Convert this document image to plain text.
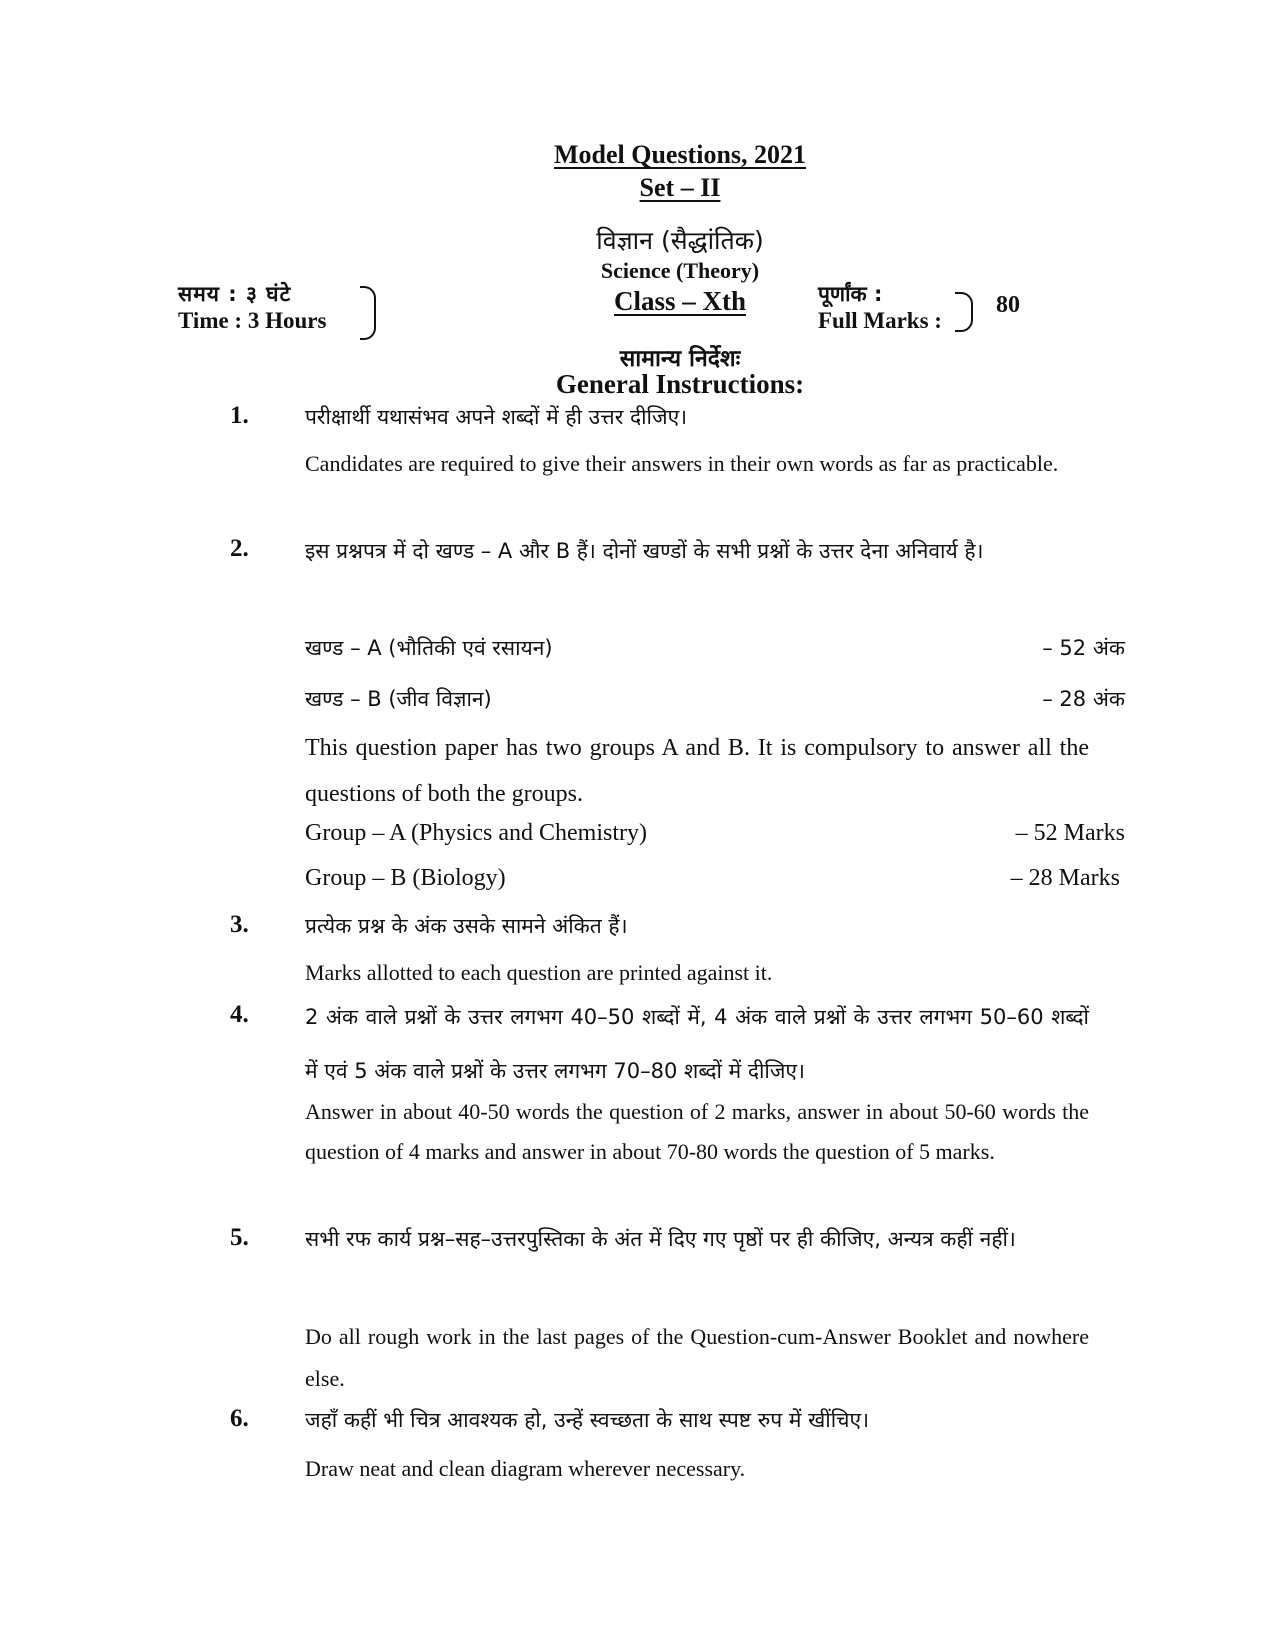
Model Questions, 2021
Set – II
विज्ञान (सैद्धांतिक)
Science (Theory)
Class – Xth
समय : ३ घंटे
Time : 3 Hours
पूर्णांक :
Full Marks :
80
सामान्य निर्देशः
General Instructions:
1.	परीक्षार्थी यथासंभव अपने शब्दों में ही उत्तर दीजिए।
Candidates are required to give their answers in their own words as far as practicable.
2.	इस प्रश्नपत्र में दो खण्ड – A और B हैं। दोनों खण्डों के सभी प्रश्नों के उत्तर देना अनिवार्य है।
खण्ड – A (भौतिकी एवं रसायन)	– 52 अंक
खण्ड – B (जीव विज्ञान)	– 28 अंक
This question paper has two groups A and B. It is compulsory to answer all the questions of both the groups.
Group – A (Physics and Chemistry)	– 52 Marks
Group – B (Biology)	– 28 Marks
3.	प्रत्येक प्रश्न के अंक उसके सामने अंकित हैं।
Marks allotted to each question are printed against it.
4.	2 अंक वाले प्रश्नों के उत्तर लगभग 40–50 शब्दों में, 4 अंक वाले प्रश्नों के उत्तर लगभग 50–60 शब्दों में एवं 5 अंक वाले प्रश्नों के उत्तर लगभग 70–80 शब्दों में दीजिए।
Answer in about 40-50 words the question of 2 marks, answer in about 50-60 words the question of 4 marks and answer in about 70-80 words the question of 5 marks.
5.	सभी रफ कार्य प्रश्न–सह–उत्तरपुस्तिका के अंत में दिए गए पृष्ठों पर ही कीजिए, अन्यत्र कहीं नहीं।
Do all rough work in the last pages of the Question-cum-Answer Booklet and nowhere else.
6.	जहाँ कहीं भी चित्र आवश्यक हो, उन्हें स्वच्छता के साथ स्पष्ट रुप में खींचिए।
Draw neat and clean diagram wherever necessary.
